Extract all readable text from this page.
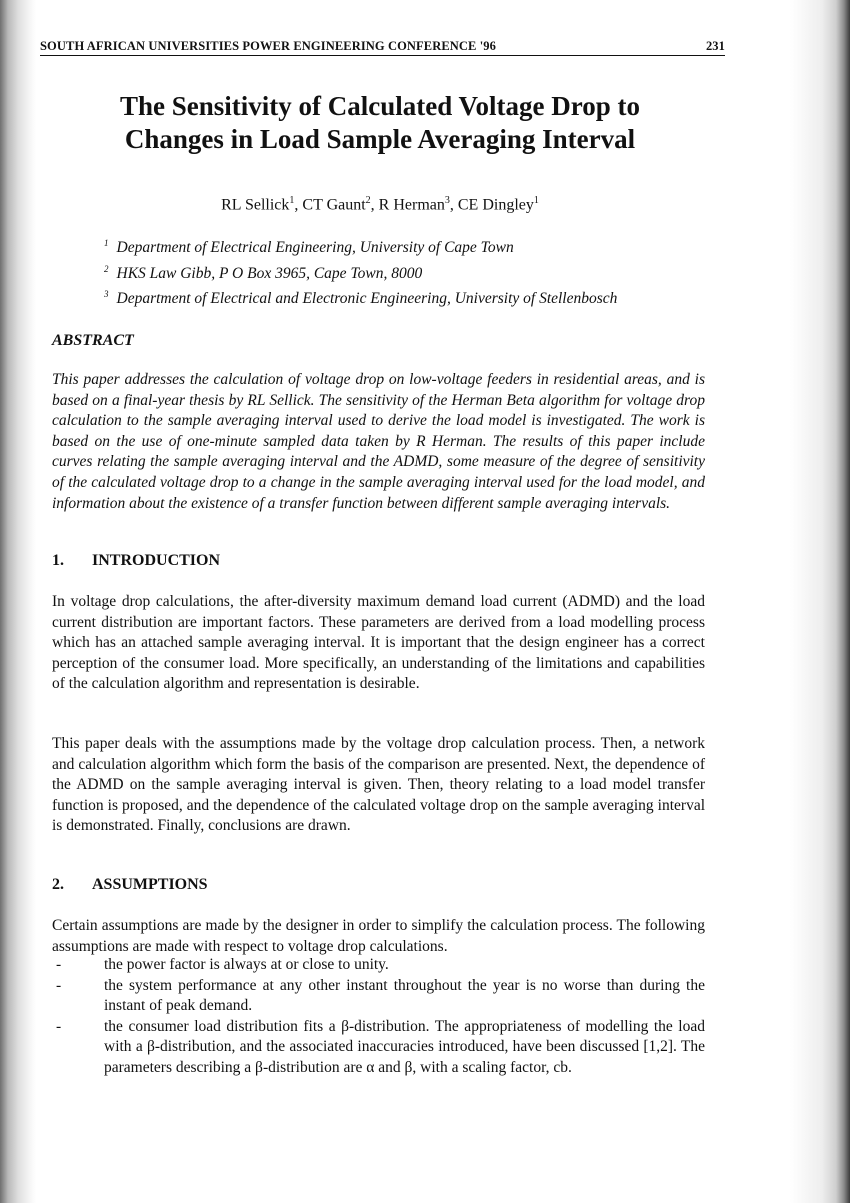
SOUTH AFRICAN UNIVERSITIES POWER ENGINEERING CONFERENCE '96	231
The Sensitivity of Calculated Voltage Drop to
Changes in Load Sample Averaging Interval
RL Sellick$^1$, CT Gaunt$^2$, R Herman$^3$, CE Dingley$^1$
$^1$ Department of Electrical Engineering, University of Cape Town
$^2$ HKS Law Gibb, P O Box 3965, Cape Town, 8000
$^3$ Department of Electrical and Electronic Engineering, University of Stellenbosch
ABSTRACT
This paper addresses the calculation of voltage drop on low-voltage feeders in residential areas, and is based on a final-year thesis by RL Sellick. The sensitivity of the Herman Beta algorithm for voltage drop calculation to the sample averaging interval used to derive the load model is investigated. The work is based on the use of one-minute sampled data taken by R Herman. The results of this paper include curves relating the sample averaging interval and the ADMD, some measure of the degree of sensitivity of the calculated voltage drop to a change in the sample averaging interval used for the load model, and information about the existence of a transfer function between different sample averaging intervals.
1. INTRODUCTION
In voltage drop calculations, the after-diversity maximum demand load current (ADMD) and the load current distribution are important factors. These parameters are derived from a load modelling process which has an attached sample averaging interval. It is important that the design engineer has a correct perception of the consumer load. More specifically, an understanding of the limitations and capabilities of the calculation algorithm and representation is desirable.
This paper deals with the assumptions made by the voltage drop calculation process. Then, a network and calculation algorithm which form the basis of the comparison are presented. Next, the dependence of the ADMD on the sample averaging interval is given. Then, theory relating to a load model transfer function is proposed, and the dependence of the calculated voltage drop on the sample averaging interval is demonstrated. Finally, conclusions are drawn.
2. ASSUMPTIONS
Certain assumptions are made by the designer in order to simplify the calculation process. The following assumptions are made with respect to voltage drop calculations.
-	the power factor is always at or close to unity.
-	the system performance at any other instant throughout the year is no worse than during the instant of peak demand.
-	the consumer load distribution fits a β-distribution. The appropriateness of modelling the load with a β-distribution, and the associated inaccuracies introduced, have been discussed [1,2]. The parameters describing a β-distribution are α and β, with a scaling factor, cb.
